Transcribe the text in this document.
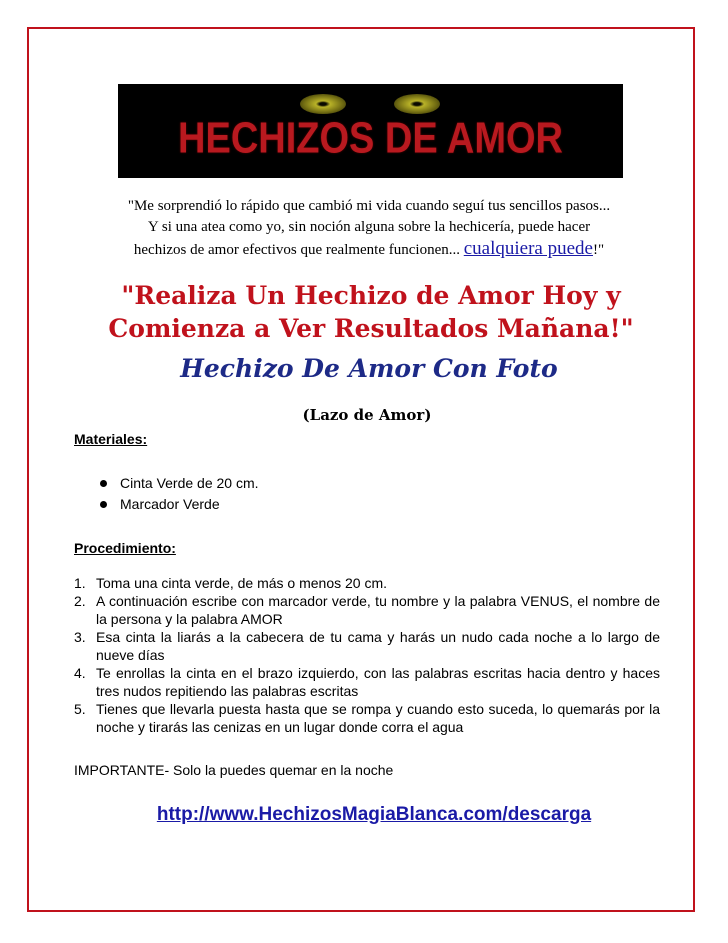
HECHIZOS DE AMOR
"Me sorprendió lo rápido que cambió mi vida cuando seguí tus sencillos pasos...
Y si una atea como yo, sin noción alguna sobre la hechicería, puede hacer
hechizos de amor efectivos que realmente funcionen... cualquiera puede!"
"Realiza Un Hechizo de Amor Hoy y
Comienza a Ver Resultados Mañana!"
Hechizo De Amor Con Foto
(Lazo de Amor)
Materiales:
Cinta Verde de 20 cm.
Marcador Verde
Procedimiento:
1. Toma una cinta verde, de más o menos 20 cm.
2. A continuación escribe con marcador verde, tu nombre y la palabra VENUS, el nombre de la persona y la palabra AMOR
3. Esa cinta la liarás a la cabecera de tu cama y harás un nudo cada noche a lo largo de nueve días
4. Te enrollas la cinta en el brazo izquierdo, con las palabras escritas hacia dentro y haces tres nudos repitiendo las palabras escritas
5. Tienes que llevarla puesta hasta que se rompa y cuando esto suceda, lo quemarás por la noche y tirarás las cenizas en un lugar donde corra el agua
IMPORTANTE- Solo la puedes quemar en la noche
http://www.HechizosMagiaBlanca.com/descarga
